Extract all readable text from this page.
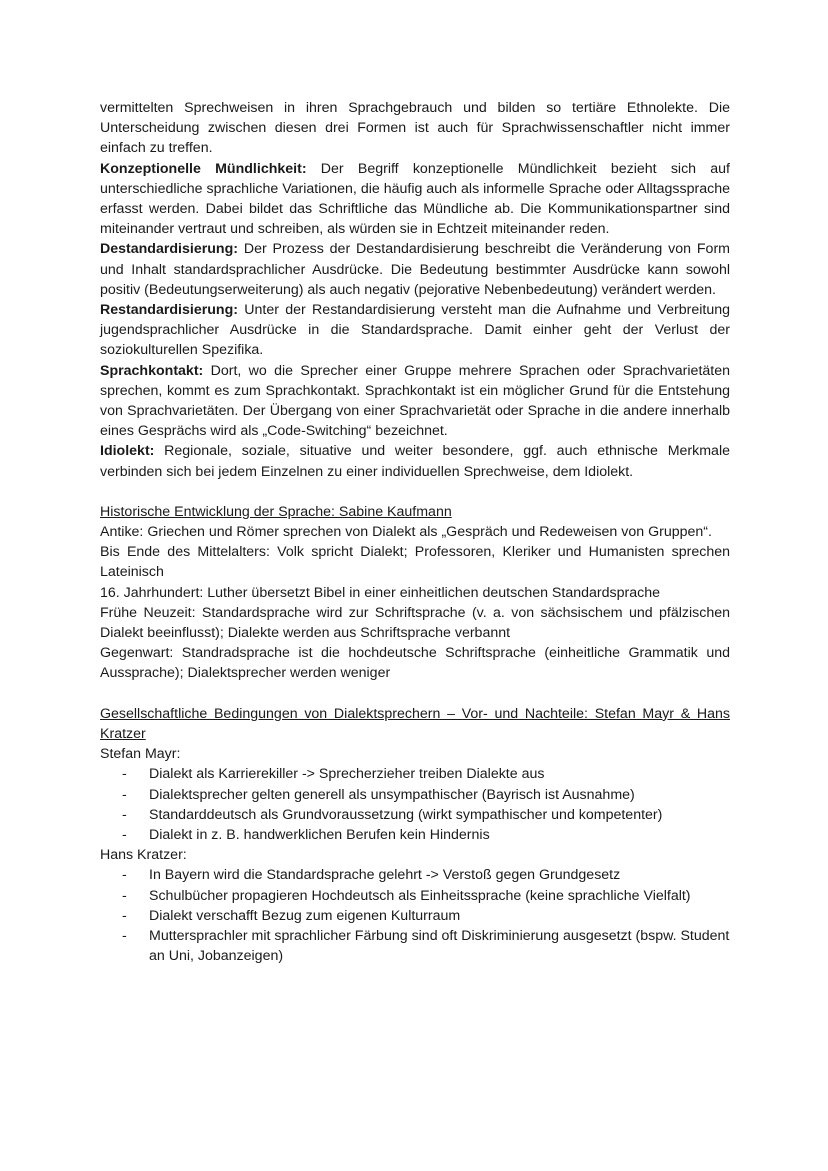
vermittelten Sprechweisen in ihren Sprachgebrauch und bilden so tertiäre Ethnolekte. Die Unterscheidung zwischen diesen drei Formen ist auch für Sprachwissenschaftler nicht immer einfach zu treffen.

Konzeptionelle Mündlichkeit: Der Begriff konzeptionelle Mündlichkeit bezieht sich auf unterschiedliche sprachliche Variationen, die häufig auch als informelle Sprache oder Alltagssprache erfasst werden. Dabei bildet das Schriftliche das Mündliche ab. Die Kommunikationspartner sind miteinander vertraut und schreiben, als würden sie in Echtzeit miteinander reden.

Destandardisierung: Der Prozess der Destandardisierung beschreibt die Veränderung von Form und Inhalt standardsprachlicher Ausdrücke. Die Bedeutung bestimmter Ausdrücke kann sowohl positiv (Bedeutungserweiterung) als auch negativ (pejorative Nebenbedeutung) verändert werden.

Restandardisierung: Unter der Restandardisierung versteht man die Aufnahme und Verbreitung jugendsprachlicher Ausdrücke in die Standardsprache. Damit einher geht der Verlust der soziokulturellen Spezifika.

Sprachkontakt: Dort, wo die Sprecher einer Gruppe mehrere Sprachen oder Sprachvarietäten sprechen, kommt es zum Sprachkontakt. Sprachkontakt ist ein möglicher Grund für die Entstehung von Sprachvarietäten. Der Übergang von einer Sprachvarietät oder Sprache in die andere innerhalb eines Gesprächs wird als „Code-Switching“ bezeichnet.

Idiolekt: Regionale, soziale, situative und weiter besondere, ggf. auch ethnische Merkmale verbinden sich bei jedem Einzelnen zu einer individuellen Sprechweise, dem Idiolekt.

Historische Entwicklung der Sprache: Sabine Kaufmann

Antike: Griechen und Römer sprechen von Dialekt als „Gespräch und Redeweisen von Gruppen“.

Bis Ende des Mittelalters: Volk spricht Dialekt; Professoren, Kleriker und Humanisten sprechen Lateinisch

16. Jahrhundert: Luther übersetzt Bibel in einer einheitlichen deutschen Standardsprache

Frühe Neuzeit: Standardsprache wird zur Schriftsprache (v. a. von sächsischem und pfälzischen Dialekt beeinflusst); Dialekte werden aus Schriftsprache verbannt

Gegenwart: Standradsprache ist die hochdeutsche Schriftsprache (einheitliche Grammatik und Aussprache); Dialektsprecher werden weniger

Gesellschaftliche Bedingungen von Dialektsprechern – Vor- und Nachteile: Stefan Mayr & Hans Kratzer

Stefan Mayr:

- Dialekt als Karrierekiller -> Sprecherzieher treiben Dialekte aus
- Dialektsprecher gelten generell als unsympathischer (Bayrisch ist Ausnahme)
- Standarddeutsch als Grundvoraussetzung (wirkt sympathischer und kompetenter)
- Dialekt in z. B. handwerklichen Berufen kein Hindernis

Hans Kratzer:

- In Bayern wird die Standardsprache gelehrt -> Verstoß gegen Grundgesetz
- Schulbücher propagieren Hochdeutsch als Einheitssprache (keine sprachliche Vielfalt)
- Dialekt verschafft Bezug zum eigenen Kulturraum
- Muttersprachler mit sprachlicher Färbung sind oft Diskriminierung ausgesetzt (bspw. Student an Uni, Jobanzeigen)
